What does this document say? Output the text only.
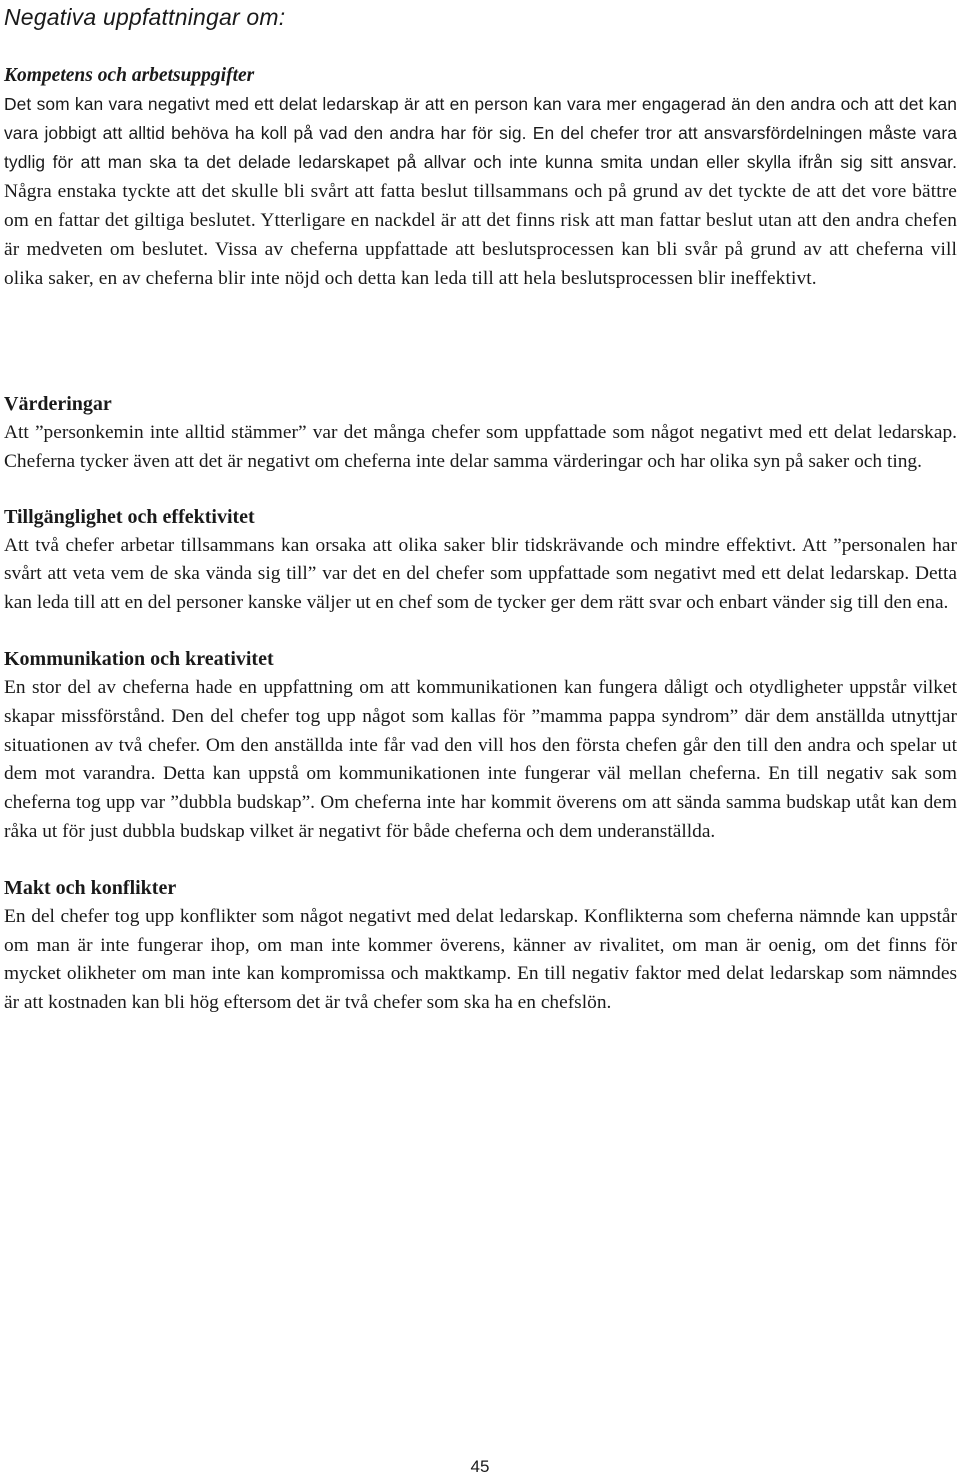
Negativa uppfattningar om:
Kompetens och arbetsuppgifter

Det som kan vara negativt med ett delat ledarskap är att en person kan vara mer engagerad än den andra och att det kan vara jobbigt att alltid behöva ha koll på vad den andra har för sig. En del chefer tror att ansvarsfördelningen måste vara tydlig för att man ska ta det delade ledarskapet på allvar och inte kunna smita undan eller skylla ifrån sig sitt ansvar. Några enstaka tyckte att det skulle bli svårt att fatta beslut tillsammans och på grund av det tyckte de att det vore bättre om en fattar det giltiga beslutet. Ytterligare en nackdel är att det finns risk att man fattar beslut utan att den andra chefen är medveten om beslutet. Vissa av cheferna uppfattade att beslutsprocessen kan bli svår på grund av att cheferna vill olika saker, en av cheferna blir inte nöjd och detta kan leda till att hela beslutsprocessen blir ineffektivt.

Värderingar

Att ”personkemin inte alltid stämmer” var det många chefer som uppfattade som något negativt med ett delat ledarskap. Cheferna tycker även att det är negativt om cheferna inte delar samma värderingar och har olika syn på saker och ting.

Tillgänglighet och effektivitet

Att två chefer arbetar tillsammans kan orsaka att olika saker blir tidskrävande och mindre effektivt. Att ”personalen har svårt att veta vem de ska vända sig till” var det en del chefer som uppfattade som negativt med ett delat ledarskap. Detta kan leda till att en del personer kanske väljer ut en chef som de tycker ger dem rätt svar och enbart vänder sig till den ena.

Kommunikation och kreativitet

En stor del av cheferna hade en uppfattning om att kommunikationen kan fungera dåligt och otydligheter uppstår vilket skapar missförstånd. Den del chefer tog upp något som kallas för ”mamma pappa syndrom” där dem anställda utnyttjar situationen av två chefer. Om den anställda inte får vad den vill hos den första chefen går den till den andra och spelar ut dem mot varandra. Detta kan uppstå om kommunikationen inte fungerar väl mellan cheferna. En till negativ sak som cheferna tog upp var ”dubbla budskap”. Om cheferna inte har kommit överens om att sända samma budskap utåt kan dem råka ut för just dubbla budskap vilket är negativt för både cheferna och dem underanställda.

Makt och konflikter

En del chefer tog upp konflikter som något negativt med delat ledarskap. Konflikterna som cheferna nämnde kan uppstår om man är inte fungerar ihop, om man inte kommer överens, känner av rivalitet, om man är oenig, om det finns för mycket olikheter om man inte kan kompromissa och maktkamp. En till negativ faktor med delat ledarskap som nämndes är att kostnaden kan bli hög eftersom det är två chefer som ska ha en chefslön.

45
